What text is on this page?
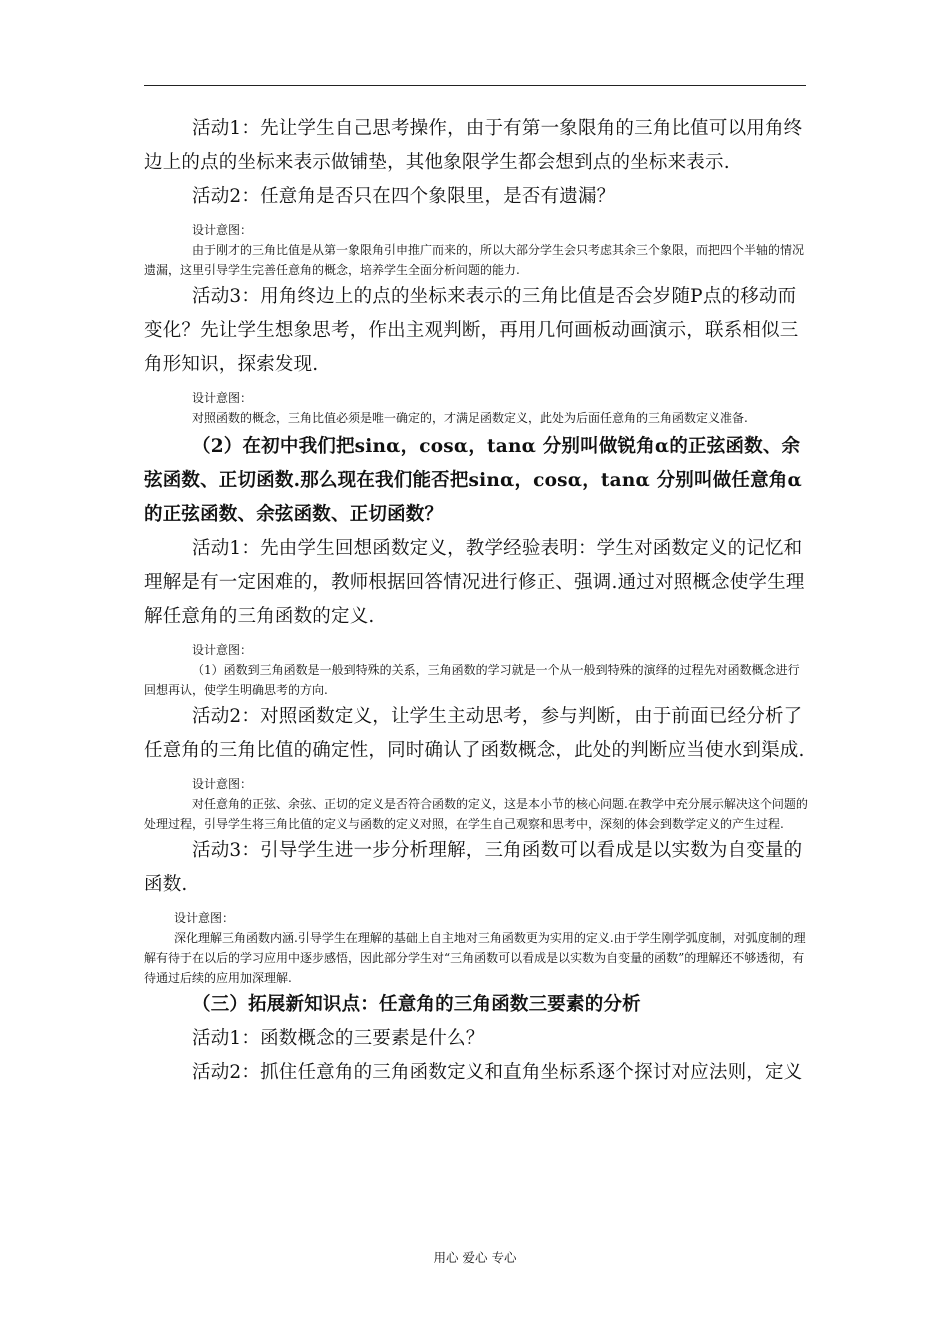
活动1：先让学生自己思考操作，由于有第一象限角的三角比值可以用角终边上的点的坐标来表示做铺垫，其他象限学生都会想到点的坐标来表示.

活动2：任意角是否只在四个象限里，是否有遗漏？

设计意图：

由于刚才的三角比值是从第一象限角引申推广而来的，所以大部分学生会只考虑其余三个象限，而把四个半轴的情况遗漏，这里引导学生完善任意角的概念，培养学生全面分析问题的能力.

活动3：用角终边上的点的坐标来表示的三角比值是否会岁随P点的移动而变化？先让学生想象思考，作出主观判断，再用几何画板动画演示，联系相似三角形知识，探索发现.

设计意图：

对照函数的概念，三角比值必须是唯一确定的，才满足函数定义，此处为后面任意角的三角函数定义准备.

（2）在初中我们把sinα，cosα，tanα 分别叫做锐角α的正弦函数、余弦函数、正切函数.那么现在我们能否把sinα，cosα，tanα 分别叫做任意角α的正弦函数、余弦函数、正切函数？

活动1：先由学生回想函数定义，教学经验表明：学生对函数定义的记忆和理解是有一定困难的，教师根据回答情况进行修正、强调.通过对照概念使学生理解任意角的三角函数的定义.

设计意图：

（1）函数到三角函数是一般到特殊的关系，三角函数的学习就是一个从一般到特殊的演绎的过程先对函数概念进行回想再认，使学生明确思考的方向.

活动2：对照函数定义，让学生主动思考，参与判断，由于前面已经分析了任意角的三角比值的确定性，同时确认了函数概念，此处的判断应当使水到渠成.

设计意图：

对任意角的正弦、余弦、正切的定义是否符合函数的定义，这是本小节的核心问题.在教学中充分展示解决这个问题的处理过程，引导学生将三角比值的定义与函数的定义对照，在学生自己观察和思考中，深刻的体会到数学定义的产生过程.

活动3：引导学生进一步分析理解，三角函数可以看成是以实数为自变量的函数.

设计意图：

深化理解三角函数内涵.引导学生在理解的基础上自主地对三角函数更为实用的定义.由于学生刚学弧度制，对弧度制的理解有待于在以后的学习应用中逐步感悟，因此部分学生对“三角函数可以看成是以实数为自变量的函数”的理解还不够透彻，有待通过后续的应用加深理解.

（三）拓展新知识点：任意角的三角函数三要素的分析

活动1：函数概念的三要素是什么？

活动2：抓住任意角的三角函数定义和直角坐标系逐个探讨对应法则，定义

用心 爱心 专心
